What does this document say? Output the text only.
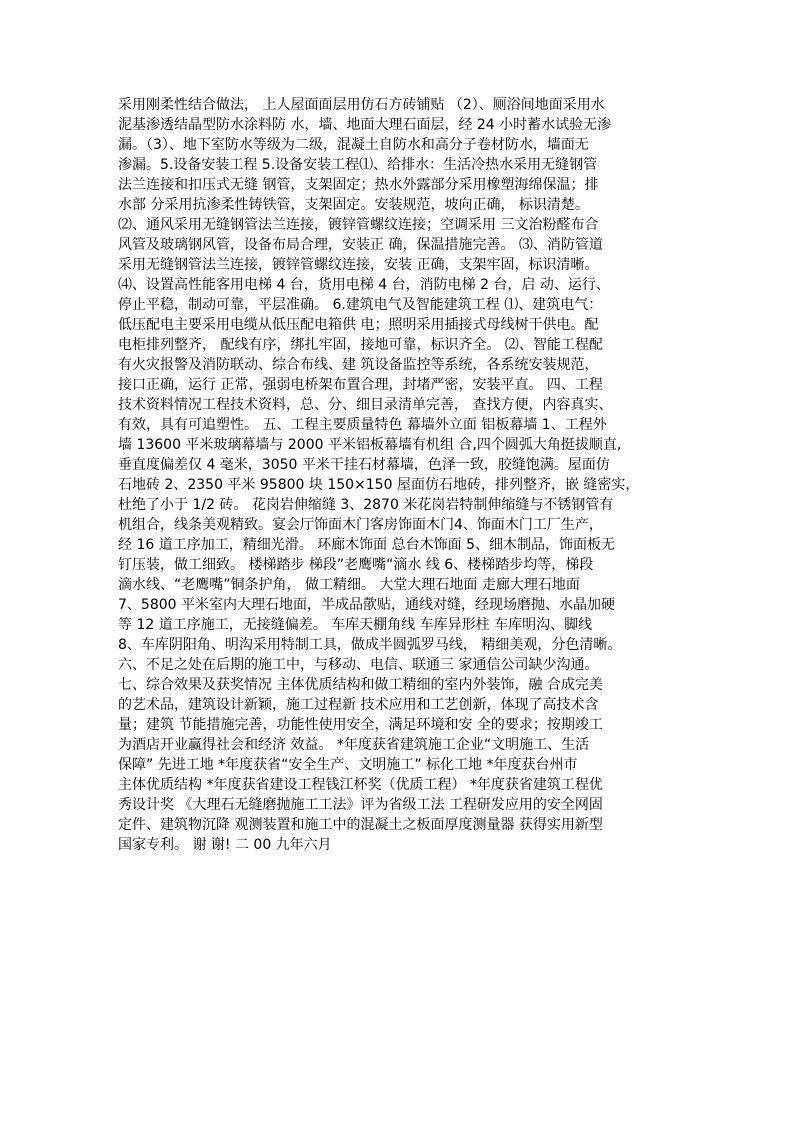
采用刚柔性结合做法， 上人屋面面层用仿石方砖铺贴 （2）、厕浴间地面采用水
泥基渗透结晶型防水涂料防 水，墙、地面大理石面层，经 24 小时蓄水试验无渗
漏。（3）、地下室防水等级为二级，混凝土自防水和高分子卷材防水，墙面无
渗漏。5.设备安装工程 5.设备安装工程⑴、给排水：生活冷热水采用无缝钢管
法兰连接和扣压式无缝 钢管，支架固定；热水外露部分采用橡塑海绵保温；排
水部 分采用抗渗柔性铸铁管，支架固定。安装规范，坡向正确， 标识清楚。
⑵、通风采用无缝钢管法兰连接，镀锌管螺纹连接；空调采用 三文治粉醛布合
风管及玻璃钢风管，设备布局合理，安装正 确，保温措施完善。 ⑶、消防管道
采用无缝钢管法兰连接，镀锌管螺纹连接，安装 正确，支架牢固，标识清晰。
⑷、设置高性能客用电梯 4 台，货用电梯 4 台，消防电梯 2 台，启 动、运行、
停止平稳，制动可靠，平层准确。 6.建筑电气及智能建筑工程 ⑴、建筑电气：
低压配电主要采用电缆从低压配电箱供 电；照明采用插接式母线树干供电。配
电柜排列整齐， 配线有序，绑扎牢固，接地可靠，标识齐全。 ⑵、智能工程配
有火灾报警及消防联动、综合布线、建 筑设备监控等系统，各系统安装规范，
接口正确，运行 正常，强弱电桥架布置合理，封堵严密，安装平直。 四、工程
技术资料情况工程技术资料，总、分、细目录清单完善， 查找方便，内容真实、
有效，具有可追塑性。 五、工程主要质量特色 幕墙外立面 铝板幕墙 1、工程外
墙 13600 平米玻璃幕墙与 2000 平米铝板幕墙有机组 合,四个圆弧大角挺拔顺直,
垂直度偏差仅 4 毫米，3050 平米干挂石材幕墙，色泽一致，胶缝饱满。屋面仿
石地砖 2、2350 平米 95800 块 150×150 屋面仿石地砖，排列整齐，嵌 缝密实，
杜绝了小于 1/2 砖。 花岗岩伸缩缝 3、2870 米花岗岩特制伸缩缝与不锈钢管有
机组合，线条美观精致。宴会厅饰面木门客房饰面木门4、饰面木门工厂生产，
经 16 道工序加工，精细光滑。 环廊木饰面 总台木饰面 5、细木制品，饰面板无
钉压装，做工细致。 楼梯踏步 梯段”老鹰嘴“滴水 线 6、楼梯踏步均等，梯段
滴水线、“老鹰嘴”铜条护角， 做工精细。 大堂大理石地面 走廊大理石地面
7、5800 平米室内大理石地面，半成品歖贴，通线对缝，经现场磨抛、水晶加硬
等 12 道工序施工，无接缝偏差。 车库天棚角线 车库异形柱 车库明沟、脚线
8、车库阴阳角、明沟采用特制工具，做成半圆弧罗马线， 精细美观，分色清晰。
六、不足之处在后期的施工中，与移动、电信、联通三 家通信公司缺少沟通。
七、综合效果及获奖情况 主体优质结构和做工精细的室内外装饰，融 合成完美
的艺术品，建筑设计新颖，施工过程新 技术应用和工艺创新，体现了高技术含
量；建筑 节能措施完善，功能性使用安全，满足环境和安 全的要求；按期竣工
为酒店开业赢得社会和经济 效益。 *年度获省建筑施工企业“文明施工、生活
保障” 先进工地 *年度获省“安全生产、文明施工” 标化工地 *年度获台州市
主体优质结构 *年度获省建设工程钱江杯奖（优质工程） *年度获省建筑工程优
秀设计奖 《大理石无缝磨抛施工工法》评为省级工法 工程研发应用的安全网固
定件、建筑物沉降 观测装置和施工中的混凝土之板面厚度测量器 获得实用新型
国家专利。 谢 谢! 二 00 九年六月
